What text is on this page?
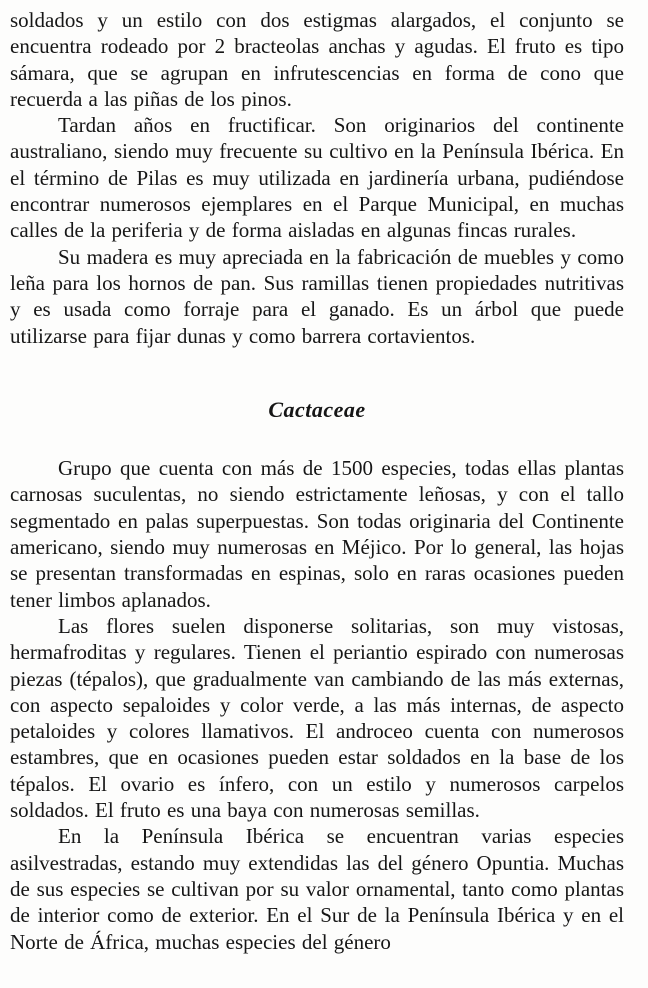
soldados y un estilo con dos estigmas alargados, el conjunto se encuentra rodeado por 2 bracteolas anchas y agudas. El fruto es tipo sámara, que se agrupan en infrutescencias en forma de cono que recuerda a las piñas de los pinos.

Tardan años en fructificar. Son originarios del continente australiano, siendo muy frecuente su cultivo en la Península Ibérica. En el término de Pilas es muy utilizada en jardinería urbana, pudiéndose encontrar numerosos ejemplares en el Parque Municipal, en muchas calles de la periferia y de forma aisladas en algunas fincas rurales.

Su madera es muy apreciada en la fabricación de muebles y como leña para los hornos de pan. Sus ramillas tienen propiedades nutritivas y es usada como forraje para el ganado. Es un árbol que puede utilizarse para fijar dunas y como barrera cortavientos.

Cactaceae

Grupo que cuenta con más de 1500 especies, todas ellas plantas carnosas suculentas, no siendo estrictamente leñosas, y con el tallo segmentado en palas superpuestas. Son todas originaria del Continente americano, siendo muy numerosas en Méjico. Por lo general, las hojas se presentan transformadas en espinas, solo en raras ocasiones pueden tener limbos aplanados.

Las flores suelen disponerse solitarias, son muy vistosas, hermafroditas y regulares. Tienen el periantio espirado con numerosas piezas (tépalos), que gradualmente van cambiando de las más externas, con aspecto sepaloides y color verde, a las más internas, de aspecto petaloides y colores llamativos. El androceo cuenta con numerosos estambres, que en ocasiones pueden estar soldados en la base de los tépalos. El ovario es ínfero, con un estilo y numerosos carpelos soldados. El fruto es una baya con numerosas semillas.

En la Península Ibérica se encuentran varias especies asilvestradas, estando muy extendidas las del género Opuntia. Muchas de sus especies se cultivan por su valor ornamental, tanto como plantas de interior como de exterior. En el Sur de la Península Ibérica y en el Norte de África, muchas especies del género
